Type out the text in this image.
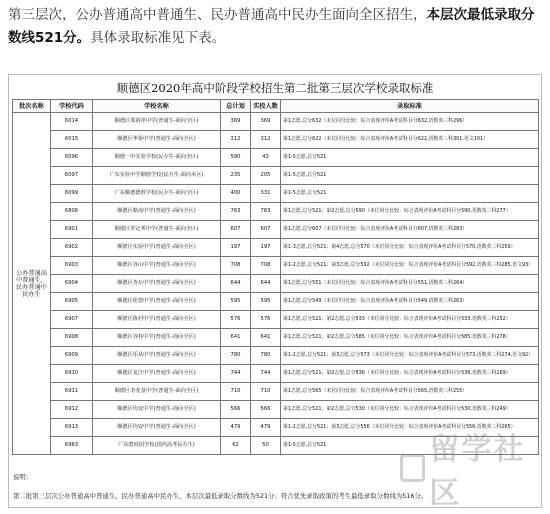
第三层次，公办普通高中普通生、民办普通高中民办生面向全区招生，本层次最低录取分数线521分。具体录取标准见下表。
顺德区2020年高中阶段学校招生第二批第三层次学校录取标准
批次名称	学校代码	学校名称	总计划	实投人数	录取标准
公办普通高中普通生，民办普通中民办生	6014	顺德区郑裕彤中学(普通生-面向全区)	369	369	第1志愿,总分632（末位同分比较：综合表现评价A考试科目分632,语数英三科296）
	6015	顺德区华侨中学(普通生-面向全区)	312	312	第1志愿,总分622（末位同分比较：综合表现评价A考试科目分622,语数英三科301,语文101）
	6096	顺德一中实验学校(民办生-面向全区)	590	43	第1-5志愿,总分521
	6097	广东实验中学顺德学校(民办生-面向本区)	235	205	第1-5志愿,总分521
	6099	广东顺德德胜学校(民办生-面向全区)	400	331	第1-5志愿,总分521
	6806	顺德区勒流中学(普通生-面向全区)	763	763	第1志愿,总分521；第2志愿,总分590（末位同分比较：综合表现评价A考试科目分590,语数英三科277）
	6901	顺德区罗定邦中学(普通生-面向全区)	607	607	第1志愿,总分607（末位同分比较：综合表现评价A考试科目分607,语数英三科283）
	6902	顺德区实验中学(普通生-面向全区)	197	197	第1-3志愿,总分521；第4志愿,总分570（末位同分比较：综合表现评价A考试科目分570,语数英三科259）
	6903	顺德区容山中学(普通生-面向全区)	708	708	第1-2志愿,总分521；第3志愿,总分592（末位同分比较：综合表现评价A考试科目分592,语数英三科285,语文93）
	6904	顺德区杏坛中学(普通生-面向全区)	644	644	第1志愿,总分551（末位同分比较：综合表现评价A考试科目分551,语数英三科264）
	6905	顺德区伦敦中学(普通生-面向全区)	595	595	第1志愿,总分549（末位同分比较：综合表现评价A考试科目分549,语数英三科263）
	6907	顺德区陈村中学(普通生-面向全区)	576	576	第1志愿,总分521；第2志愿,总分533（末位同分比较：综合表现评价A考试科目分533,语数英三科252）
	6908	顺德区容桂中学(普通生-面向全区)	641	641	第1志愿,总分521；第2志愿,总分585（末位同分比较：综合表现评价A考试科目分585,语数英三科278）
	6909	顺德区乐从中学(普通生-面向全区)	780	780	第1-2志愿,总分521；第3志愿,总分573（末位同分比较：综合表现评价A考试科目分573,语数英三科274,语文92）
	6910	顺德区龙江中学(普通生-面向全区)	744	744	第1志愿,总分521；第2志愿,总分536（末位同分比较：综合表现评价A考试科目分536,语数英三科269）
	6911	顺德区李兆基中学(普通生-面向全区)	710	710	第1志愿,总分565（末位同分比较：综合表现评价A考试科目分565,语数英三科255）
	6912	顺德区均安中学(普通生-面向全区)	566	566	第1志愿,总分521；第2志愿,总分530（末位同分比较：综合表现评价A考试科目分530,语数英三科249）
	6913	顺德区均安中学(普通生-面向全区)	479	479	第1-2志愿,总分521；第3志愿,总分556（末位同分比较：综合表现评价A考试科目分556,语数英三科265）
	6963	广东碧桂园学校(国内高考民办生)	62	50	第1-5志愿,总分521
说明：
第二批第三层次公办普通高中普通生、民办普通高中民办生，本层次最低录取分数线为521分；符合优先录取政策的考生最低录取分数线为516分。
留学社区
